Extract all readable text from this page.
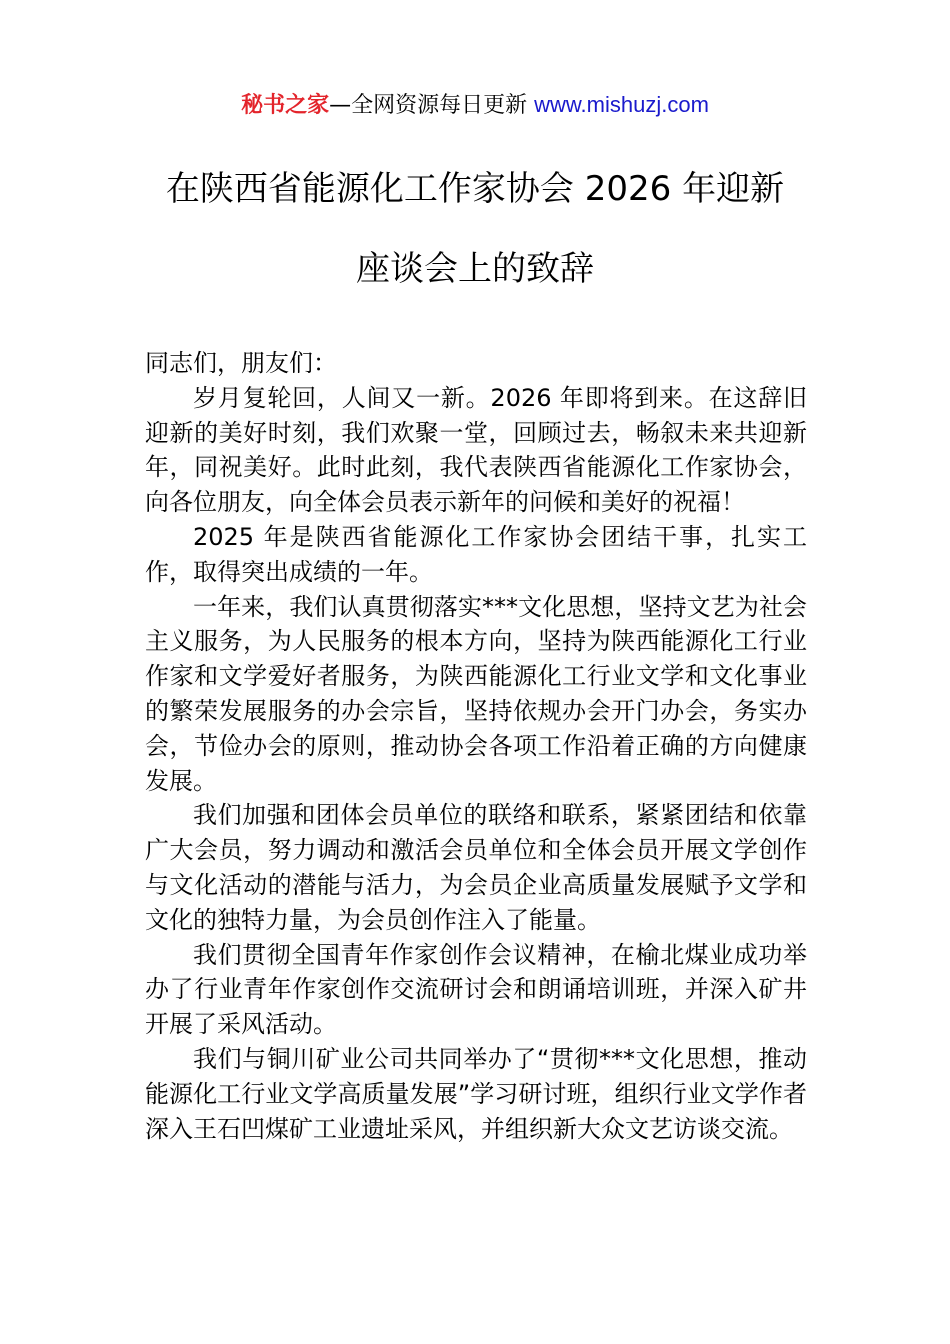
秘书之家—全网资源每日更新 www.mishuzj.com
在陕西省能源化工作家协会 2026 年迎新
座谈会上的致辞

同志们，朋友们：

岁月复轮回，人间又一新。2026 年即将到来。在这辞旧迎新的美好时刻，我们欢聚一堂，回顾过去，畅叙未来共迎新年，同祝美好。此时此刻，我代表陕西省能源化工作家协会，向各位朋友，向全体会员表示新年的问候和美好的祝福！

2025 年是陕西省能源化工作家协会团结干事，扎实工作，取得突出成绩的一年。

一年来，我们认真贯彻落实***文化思想，坚持文艺为社会主义服务，为人民服务的根本方向，坚持为陕西能源化工行业作家和文学爱好者服务，为陕西能源化工行业文学和文化事业的繁荣发展服务的办会宗旨，坚持依规办会开门办会，务实办会，节俭办会的原则，推动协会各项工作沿着正确的方向健康发展。

我们加强和团体会员单位的联络和联系，紧紧团结和依靠广大会员，努力调动和激活会员单位和全体会员开展文学创作与文化活动的潜能与活力，为会员企业高质量发展赋予文学和文化的独特力量，为会员创作注入了能量。

我们贯彻全国青年作家创作会议精神，在榆北煤业成功举办了行业青年作家创作交流研讨会和朗诵培训班，并深入矿井开展了采风活动。

我们与铜川矿业公司共同举办了“贯彻***文化思想，推动能源化工行业文学高质量发展”学习研讨班，组织行业文学作者深入王石凹煤矿工业遗址采风，并组织新大众文艺访谈交流。
